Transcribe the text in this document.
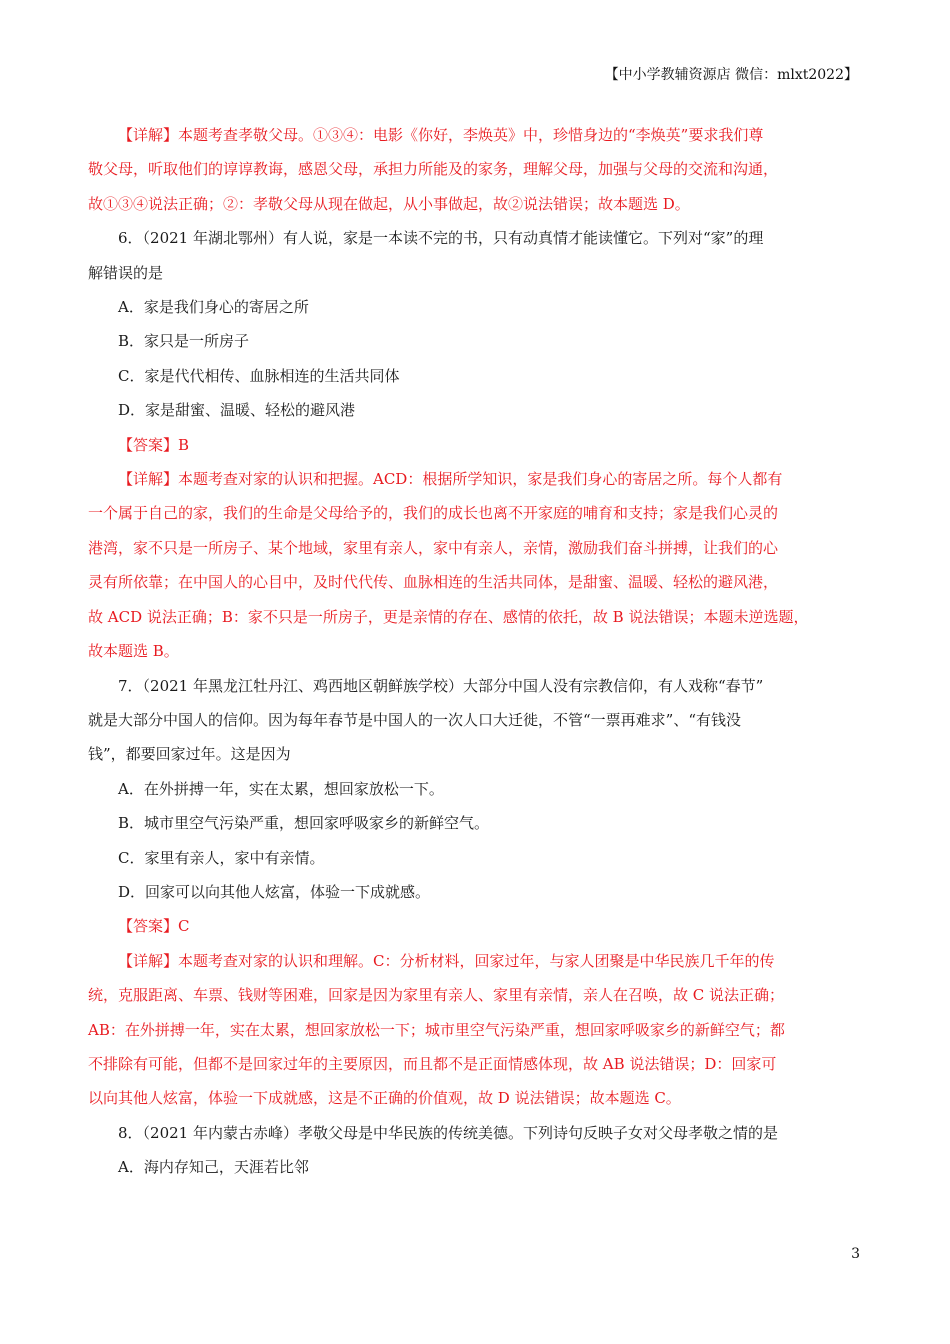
【中小学教辅资源店 微信：mlxt2022】

【详解】本题考查孝敬父母。①③④：电影《你好，李焕英》中，珍惜身边的“李焕英”要求我们尊

敬父母，听取他们的谆谆教诲，感恩父母，承担力所能及的家务，理解父母，加强与父母的交流和沟通，

故①③④说法正确；②：孝敬父母从现在做起，从小事做起，故②说法错误；故本题选 D。

6．（2021 年湖北鄂州）有人说，家是一本读不完的书，只有动真情才能读懂它。下列对“家”的理

解错误的是

A．家是我们身心的寄居之所

B．家只是一所房子

C．家是代代相传、血脉相连的生活共同体

D．家是甜蜜、温暖、轻松的避风港

【答案】B

【详解】本题考查对家的认识和把握。ACD：根据所学知识，家是我们身心的寄居之所。每个人都有

一个属于自己的家，我们的生命是父母给予的，我们的成长也离不开家庭的哺育和支持；家是我们心灵的

港湾，家不只是一所房子、某个地域，家里有亲人，家中有亲人，亲情，激励我们奋斗拼搏，让我们的心

灵有所依靠；在中国人的心目中，及时代代传、血脉相连的生活共同体，是甜蜜、温暖、轻松的避风港，

故 ACD 说法正确；B：家不只是一所房子，更是亲情的存在、感情的依托，故 B 说法错误；本题未逆选题，

故本题选 B。

7．（2021 年黑龙江牡丹江、鸡西地区朝鲜族学校）大部分中国人没有宗教信仰，有人戏称“春节”

就是大部分中国人的信仰。因为每年春节是中国人的一次人口大迁徙，不管“一票再难求”、“有钱没

钱”，都要回家过年。这是因为

A．在外拼搏一年，实在太累，想回家放松一下。

B．城市里空气污染严重，想回家呼吸家乡的新鲜空气。

C．家里有亲人，家中有亲情。

D．回家可以向其他人炫富，体验一下成就感。

【答案】C

【详解】本题考查对家的认识和理解。C：分析材料，回家过年，与家人团聚是中华民族几千年的传

统，克服距离、车票、钱财等困难，回家是因为家里有亲人、家里有亲情，亲人在召唤，故 C 说法正确；

AB：在外拼搏一年，实在太累，想回家放松一下；城市里空气污染严重，想回家呼吸家乡的新鲜空气；都

不排除有可能，但都不是回家过年的主要原因，而且都不是正面情感体现，故 AB 说法错误；D：回家可

以向其他人炫富，体验一下成就感，这是不正确的价值观，故 D 说法错误；故本题选 C。

8．（2021 年内蒙古赤峰）孝敬父母是中华民族的传统美德。下列诗句反映子女对父母孝敬之情的是

A．海内存知己，天涯若比邻

3
